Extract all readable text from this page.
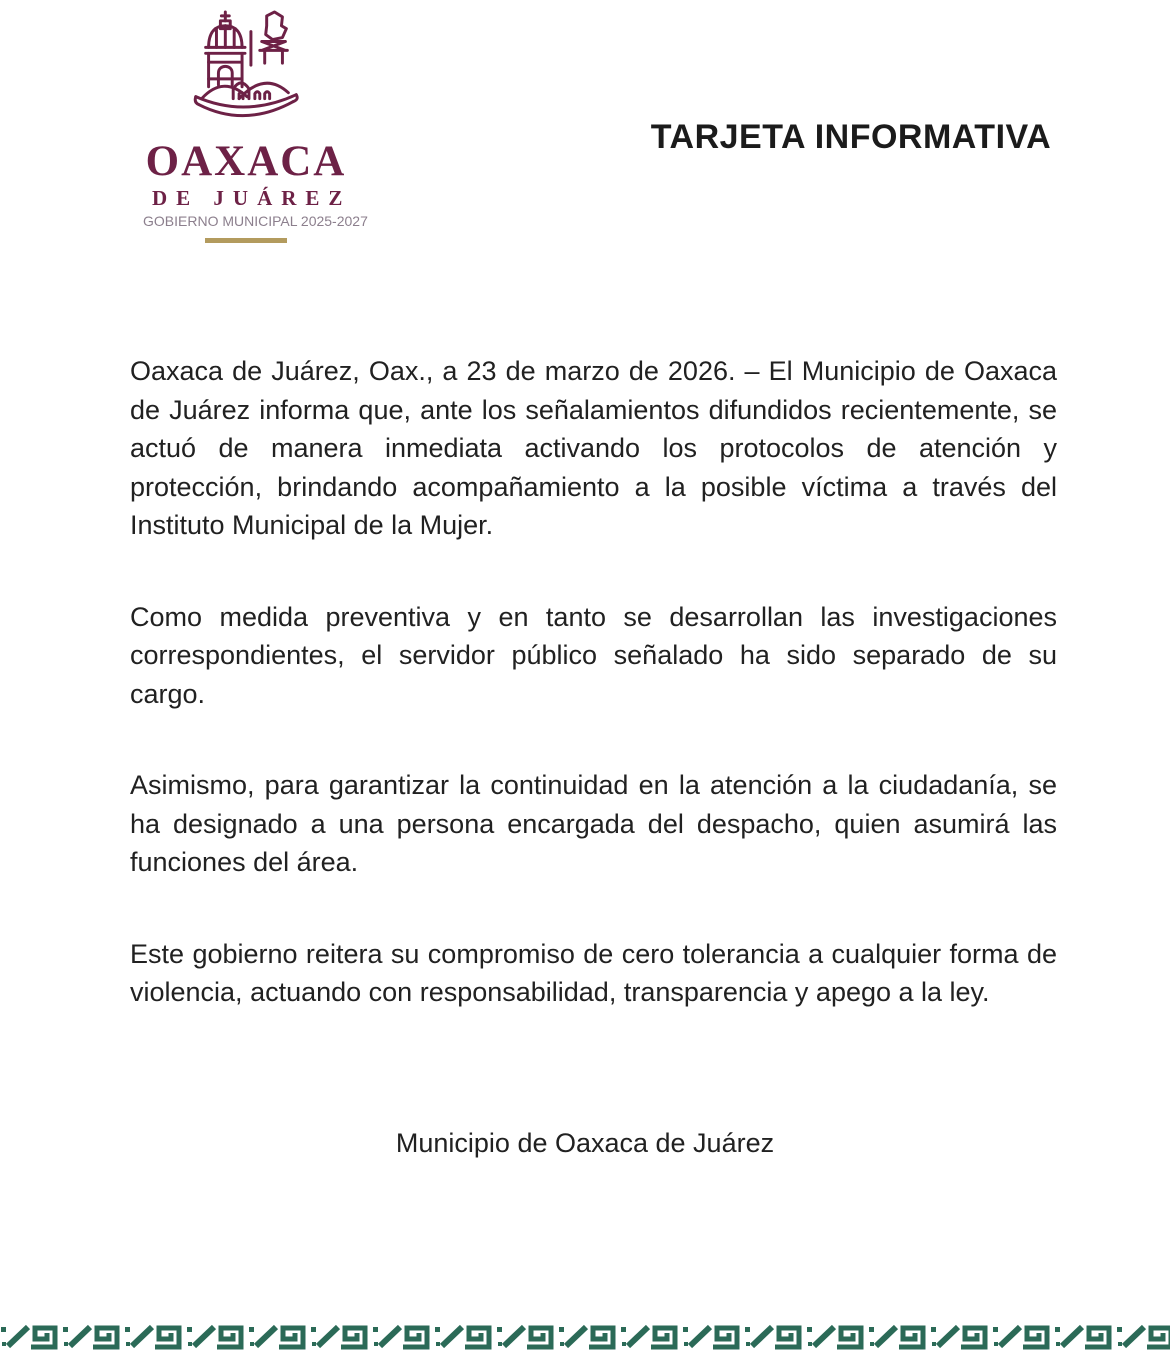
OAXACA
DE JUÁREZ
GOBIERNO MUNICIPAL 2025-2027
TARJETA INFORMATIVA

Oaxaca de Juárez, Oax., a 23 de marzo de 2026. – El Municipio de Oaxaca de Juárez informa que, ante los señalamientos difundidos recientemente, se actuó de manera inmediata activando los protocolos de atención y protección, brindando acompañamiento a la posible víctima a través del Instituto Municipal de la Mujer.

Como medida preventiva y en tanto se desarrollan las investigaciones correspondientes, el servidor público señalado ha sido separado de su cargo.

Asimismo, para garantizar la continuidad en la atención a la ciudadanía, se ha designado a una persona encargada del despacho, quien asumirá las funciones del área.

Este gobierno reitera su compromiso de cero tolerancia a cualquier forma de violencia, actuando con responsabilidad, transparencia y apego a la ley.

Municipio de Oaxaca de Juárez
